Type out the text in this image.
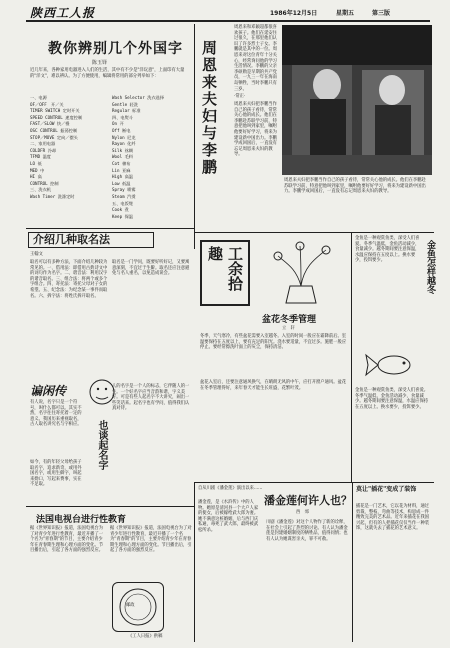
陕西工人报	1986年12月5日	星期五	第三版
教你辨别几个外国字
陈玉铎
近几年来，各种家用电器进入人们的生活，其中有不少是"洋玩意"，上面印有大量的"洋文"，难以辨认。为了方便使用，编辑将常用的部分列举如下：
一、电源
OF／OFF　开／关
TIMER SWITCH 定时开关
SPEED CONTROL 速度控制
FAST／SLOW 快／慢
OSC CONTROL 振荡控制
STOP／MOVE 定向／摆头
二、家用电器
COLDFR 冷却
TFMD 温度
LO 低
MED 中
HI 高
CONTROL 控制
三、洗衣机
Wash Timer 洗涤定时
Wash Selector 洗衣选择
Gentle 轻洗
Regular 标准
四、电熨斗
On 开
Off 断电
Nylon 尼龙
Rayon 化纤
Silk 丝绸
Wool 毛料
Cot 棉布
Lin 亚麻
High 高温
Low 低温
Spray 喷雾
Steam 汽烫
五、电饭煲
Cook 煮
Keep 保温
周恩来和邓颖超都很喜欢孩子。他们在延安住过很久，在那里他们认识了许多烈士子女。李鹏就是其中的一位。周恩来对这位青年十分关心，经常询问他的学习生活情况。李鹏的父亲李硕勋是早期的共产党员，一九三一年在海南岛牺牲，当时李鹏只有三岁。
周恩来夫妇与李鹏	·常正·
周恩来夫妇把李鹏当作自己的孩子看待，常常关心他的成长。他们在李鹏赴苏联学习前，特意把他叫到家里，嘱咐他要好好学习，将来为建设新中国出力。李鹏学成回国后，一直没有忘记周恩来夫妇的教导。
周恩来夫妇把李鹏当作自己的孩子看待，常常关心他的成长。他们在李鹏赴苏联学习前，特意把他叫到家里，嘱咐他要好好学习，将来为建设新中国出力。李鹏学成回国后，一直没有忘记周恩来夫妇的教导。
介绍几种取名法
王翰文
取名可以有多种方法，下面介绍几种较为常见的。一、借用法：即借用古典诗文中的词句作为名字。二、谐音法：利用汉字的谐音取名。三、组合法：将两个或多个字组合。四、寄托法：寄托父母对子女的希望。五、纪念法：为纪念某一事件而取名。六、拆字法：将姓氏拆开取名。
取名是一门学问，既要好听好记，又要寓意深刻，不宜过于生僻。取名还应注意避免与名人重名，以免造成误会。	工余拾趣
盆花冬季管理
立　轩
冬季，天气寒冷，有些盆花需要入室越冬。入室的时间一般应在霜降前后。室温要保持在五度以上，要有充足的阳光。浇水要适量，不宜过多。施肥一般应停止。要经常擦洗叶面上的灰尘，保持清洁。
盆花入室后，还要注意通风换气，在晴朗无风的中午，应打开窗户通风。盆花在冬季管理得好，来年春天才能生长旺盛，花繁叶茂。
金鱼是一种观赏鱼类，深受人们喜爱。冬季气温低，金鱼活动减少，食量减少。越冬期间要注意保温，水温应保持在五度以上。换水要少，投饵要少。	金鱼怎样越冬
金鱼是一种观赏鱼类，深受人们喜爱。冬季气温低，金鱼活动减少，食量减少。越冬期间要注意保温，水温应保持在五度以上。换水要少，投饵要少。
谝闲传
有人说，名字只是一个符号，叫什么都可以。其实不然，名字往往寄托着一定的意义。我国历来重视取名，古人取名讲究名与字相应。
如今，有的年轻父母给孩子取名字，追求新奇，或用外国名字，或用生僻字，叫起来拗口，写起来费事，实在不足取。
也谈起名字
人的名字是一个人的标志，它伴随人的一生。一个好名字应当音韵和谐，字义美好。可是有些人起名字不大讲究，闹出一些笑话来。起名字也有学问，值得我们认真对待。
法国电视台进行性教育
据《世界知识报》报道，法国电视台为了对青少年进行性教育，最近开播了一个名为"青春期"的节目，主要介绍青少年在青春期生理和心理方面的变化。节目播出后，引起了各方面的强烈反应。
据《世界知识报》报道，法国电视台为了对青少年进行性教育，最近开播了一个名为"青春期"的节目，主要介绍青少年在青春期生理和心理方面的变化。节目播出后，引起了各方面的强烈反应。
邮政
《工人日报》供稿
自从川剧《潘金莲》演出以来……
潘金莲何许人也？
西　郊
潘金莲，是《水浒传》中的人物。她原是清河县一个大户人家的使女，后被嫁给武大郎为妻。她不满意这桩婚姻，后与西门庆私通，毒死了武大郎，最终被武松所杀。
川剧《潘金莲》对这个人物作了新的诠释，在社会上引起了热烈的讨论。有人认为潘金莲是封建婚姻制度的牺牲品，值得同情；也有人认为她谋害亲夫，罪不可赦。
莫让"插花"变成了装饰
插花是一门艺术，它以花为材料，通过剪裁、整枝、弯曲等技术，构思成一件精致完美的艺术品。近年来插花在我国兴起，但有的人把插花仅仅当作一种装饰，这就失去了插花的艺术意义。
